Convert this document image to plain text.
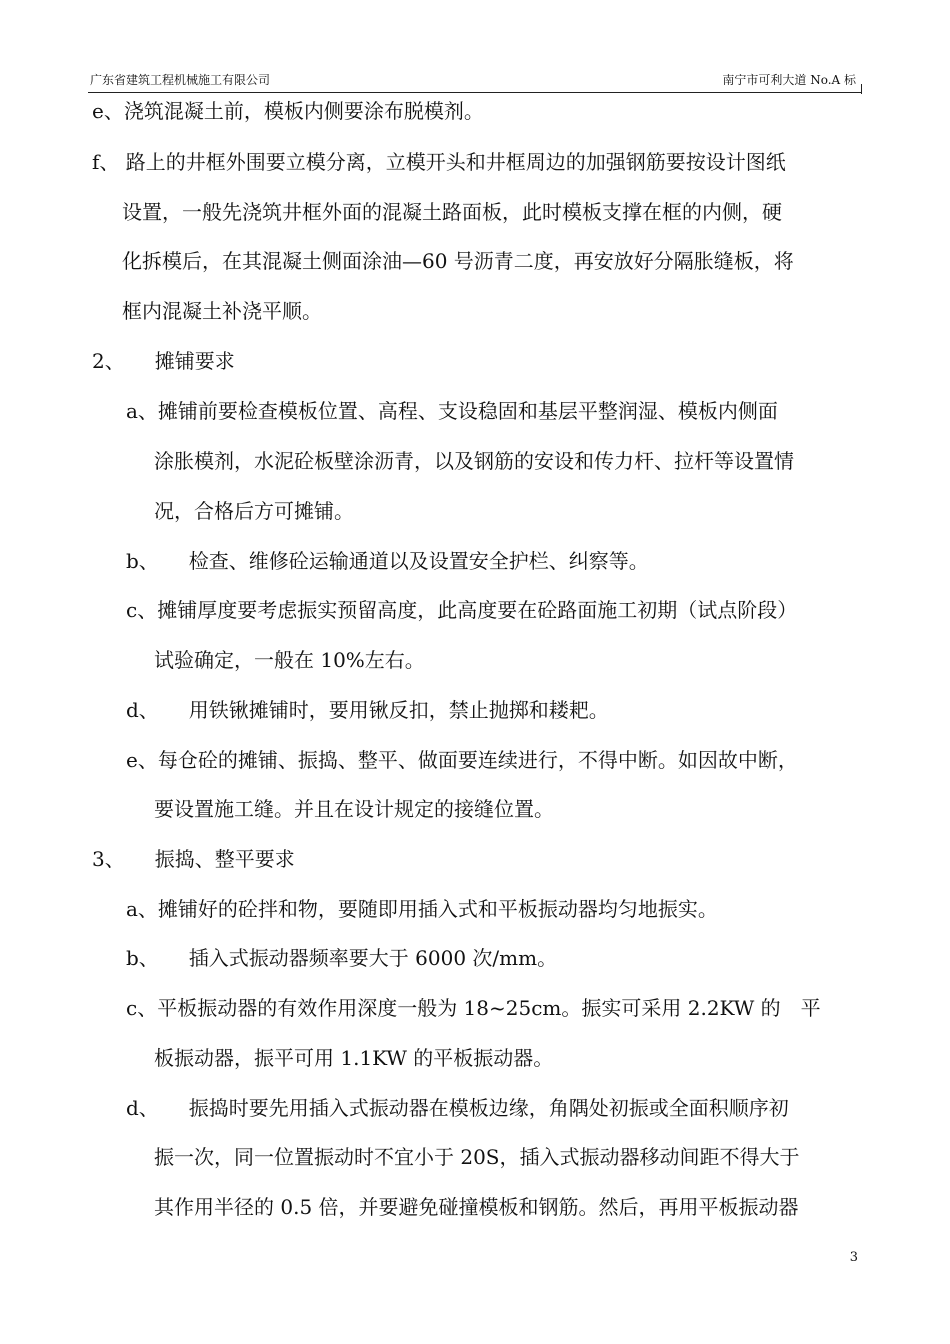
广东省建筑工程机械施工有限公司	南宁市可利大道 No.A 标
e、浇筑混凝土前，模板内侧要涂布脱模剂。
f、 路上的井框外围要立模分离，立模开头和井框周边的加强钢筋要按设计图纸
设置，一般先浇筑井框外面的混凝土路面板，此时模板支撑在框的内侧，硬
化拆模后，在其混凝土侧面涂油—60 号沥青二度，再安放好分隔胀缝板，将
框内混凝土补浇平顺。
2、　　摊铺要求
a、摊铺前要检查模板位置、高程、支设稳固和基层平整润湿、模板内侧面
涂胀模剂，水泥砼板壁涂沥青，以及钢筋的安设和传力杆、拉杆等设置情
况，合格后方可摊铺。
b、　　检查、维修砼运输通道以及设置安全护栏、纠察等。
c、摊铺厚度要考虑振实预留高度，此高度要在砼路面施工初期（试点阶段）
试验确定，一般在 10%左右。
d、　　用铁锹摊铺时，要用锹反扣，禁止抛掷和耧耙。
e、每仓砼的摊铺、振捣、整平、做面要连续进行，不得中断。如因故中断，
要设置施工缝。并且在设计规定的接缝位置。
3、　　振捣、整平要求
a、摊铺好的砼拌和物，要随即用插入式和平板振动器均匀地振实。
b、　　插入式振动器频率要大于 6000 次/mm。
c、平板振动器的有效作用深度一般为 18~25cm。振实可采用 2.2KW 的　平
板振动器，振平可用 1.1KW 的平板振动器。
d、　　振捣时要先用插入式振动器在模板边缘，角隅处初振或全面积顺序初
振一次，同一位置振动时不宜小于 20S，插入式振动器移动间距不得大于
其作用半径的 0.5 倍，并要避免碰撞模板和钢筋。然后，再用平板振动器
3
